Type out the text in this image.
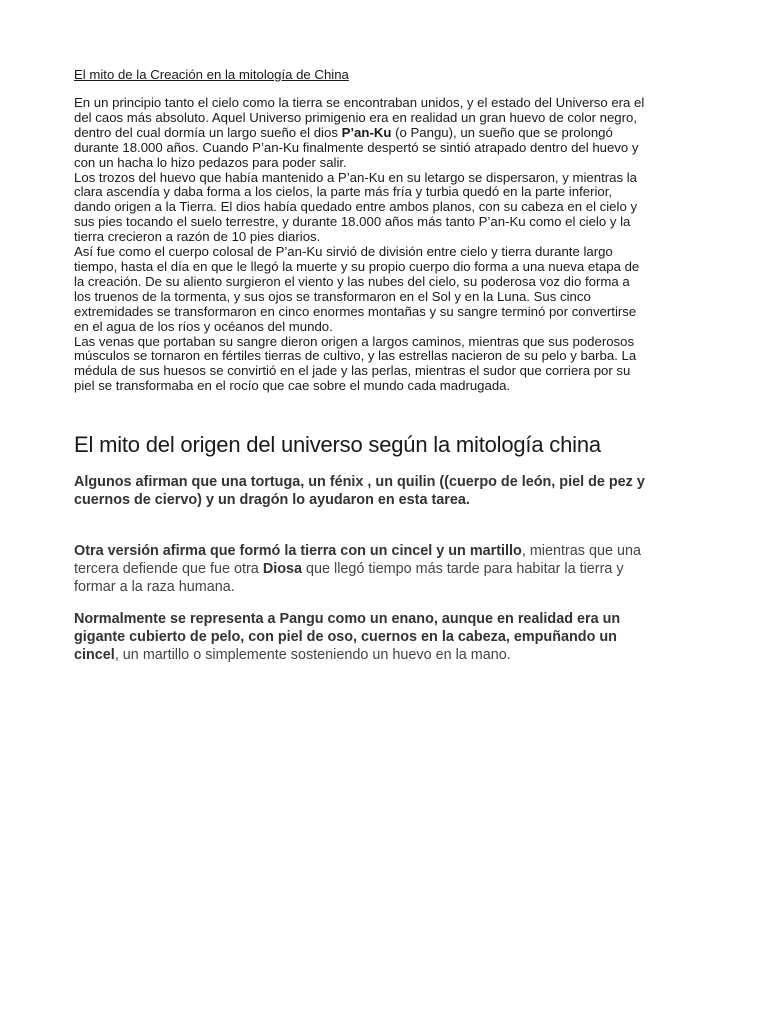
El mito de la Creación en la mitología de China

En un principio tanto el cielo como la tierra se encontraban unidos, y el estado del Universo era el

del caos más absoluto. Aquel Universo primigenio era en realidad un gran huevo de color negro,

dentro del cual dormía un largo sueño el dios P’an-Ku (o Pangu), un sueño que se prolongó

durante 18.000 años. Cuando P’an-Ku finalmente despertó se sintió atrapado dentro del huevo y

con un hacha lo hizo pedazos para poder salir.

Los trozos del huevo que había mantenido a P’an-Ku en su letargo se dispersaron, y mientras la

clara ascendía y daba forma a los cielos, la parte más fría y turbia quedó en la parte inferior,

dando origen a la Tierra. El dios había quedado entre ambos planos, con su cabeza en el cielo y

sus pies tocando el suelo terrestre, y durante 18.000 años más tanto P’an-Ku como el cielo y la

tierra crecieron a razón de 10 pies diarios.

Así fue como el cuerpo colosal de P’an-Ku sirvió de división entre cielo y tierra durante largo

tiempo, hasta el día en que le llegó la muerte y su propio cuerpo dio forma a una nueva etapa de

la creación. De su aliento surgieron el viento y las nubes del cielo, su poderosa voz dio forma a

los truenos de la tormenta, y sus ojos se transformaron en el Sol y en la Luna. Sus cinco

extremidades se transformaron en cinco enormes montañas y su sangre terminó por convertirse

en el agua de los ríos y océanos del mundo.

Las venas que portaban su sangre dieron origen a largos caminos, mientras que sus poderosos

músculos se tornaron en fértiles tierras de cultivo, y las estrellas nacieron de su pelo y barba. La

médula de sus huesos se convirtió en el jade y las perlas, mientras el sudor que corriera por su

piel se transformaba en el rocío que cae sobre el mundo cada madrugada.

El mito del origen del universo según la mitología china
Algunos afirman que una tortuga, un fénix , un quilin ((cuerpo de león, piel de pez y
cuernos de ciervo) y un dragón lo ayudaron en esta tarea.
Otra versión afirma que formó la tierra con un cincel y un martillo, mientras que una
tercera defiende que fue otra Diosa que llegó tiempo más tarde para habitar la tierra y
formar a la raza humana.
Normalmente se representa a Pangu como un enano, aunque en realidad era un
gigante cubierto de pelo, con piel de oso, cuernos en la cabeza, empuñando un
cincel, un martillo o simplemente sosteniendo un huevo en la mano.
